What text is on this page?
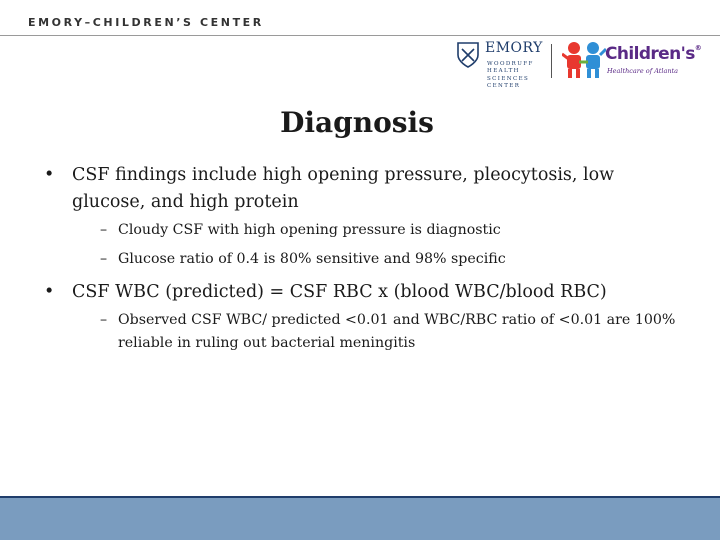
EMORY–CHILDREN’S CENTER
EMORY
WOODRUFF
HEALTH
SCIENCES
CENTER
Children's®
Healthcare of Atlanta
Diagnosis
• CSF findings include high opening pressure, pleocytosis, low glucose, and high protein
– Cloudy CSF with high opening pressure is diagnostic
– Glucose ratio of 0.4 is 80% sensitive and 98% specific
• CSF WBC (predicted) = CSF RBC x (blood WBC/blood RBC)
– Observed CSF WBC/ predicted <0.01 and WBC/RBC ratio of <0.01 are 100% reliable in ruling out bacterial meningitis
